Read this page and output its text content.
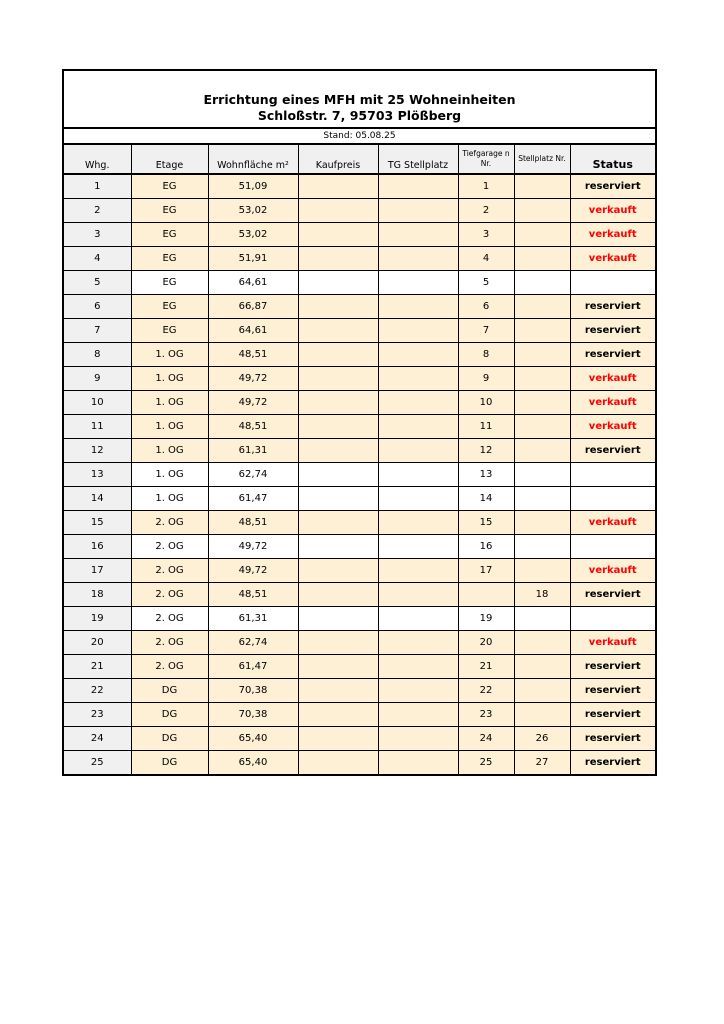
Errichtung eines MFH mit 25 Wohneinheiten
Schloßstr. 7, 95703 Plößberg
Stand: 05.08.25
Whg.	Etage	Wohnfläche m²	Kaufpreis	TG Stellplatz	Tiefgarage n Nr.	Stellplatz Nr.	Status
1	EG	51,09			1		reserviert
2	EG	53,02			2		verkauft
3	EG	53,02			3		verkauft
4	EG	51,91			4		verkauft
5	EG	64,61			5		
6	EG	66,87			6		reserviert
7	EG	64,61			7		reserviert
8	1. OG	48,51			8		reserviert
9	1. OG	49,72			9		verkauft
10	1. OG	49,72			10		verkauft
11	1. OG	48,51			11		verkauft
12	1. OG	61,31			12		reserviert
13	1. OG	62,74			13		
14	1. OG	61,47			14		
15	2. OG	48,51			15		verkauft
16	2. OG	49,72			16		
17	2. OG	49,72			17		verkauft
18	2. OG	48,51				18	reserviert
19	2. OG	61,31			19		
20	2. OG	62,74			20		verkauft
21	2. OG	61,47			21		reserviert
22	DG	70,38			22		reserviert
23	DG	70,38			23		reserviert
24	DG	65,40			24	26	reserviert
25	DG	65,40			25	27	reserviert
